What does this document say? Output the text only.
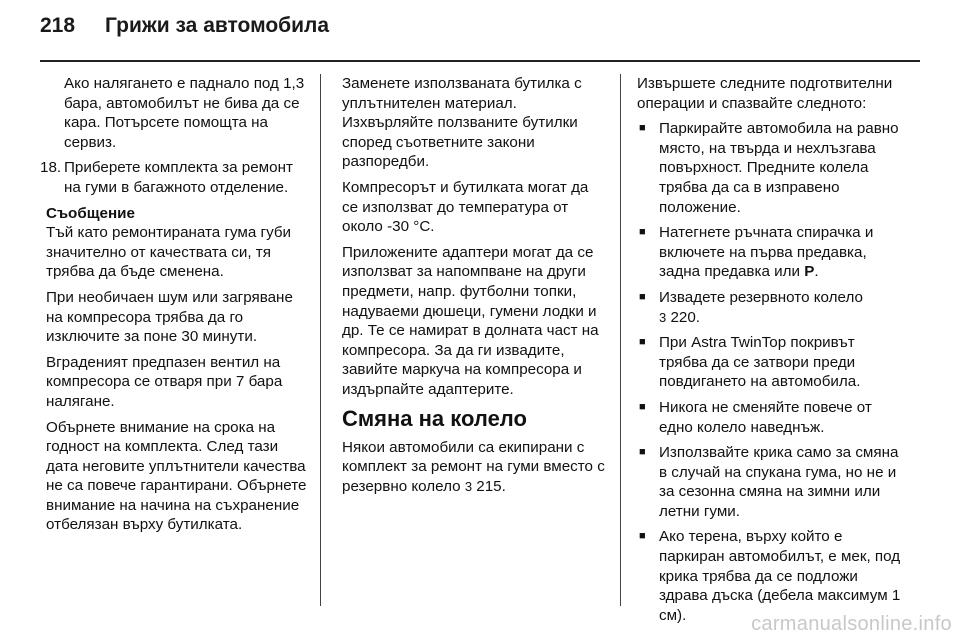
218 Грижи за автомобила

Ако налягането е паднало под 1,3 бара, автомобилът не бива да се кара. Потърсете помощта на сервиз.

18. Приберете комплекта за ремонт на гуми в багажното отделение.

Съобщение

Тъй като ремонтираната гума губи значително от качествата си, тя трябва да бъде сменена.

При необичаен шум или загряване на компресора трябва да го изключите за поне 30 минути.

Вграденият предпазен вентил на компресора се отваря при 7 бара налягане.

Обърнете внимание на срока на годност на комплекта. След тази дата неговите уплътнители качества не са повече гарантирани. Обърнете внимание на начина на съхранение отбелязан върху бутилката.

Заменете използваната бутилка с уплътнителен материал. Изхвърляйте ползваните бутилки според съответните закони разпоредби.

Компресорът и бутилката могат да се използват до температура от около -30 °C.

Приложените адаптери могат да се използват за напомпване на други предмети, напр. футболни топки, надуваеми дюшеци, гумени лодки и др. Те се намират в долната част на компресора. За да ги извадите, завийте маркуча на компресора и издърпайте адаптерите.

Смяна на колело

Някои автомобили са екипирани с комплект за ремонт на гуми вместо с резервно колело 3 215.

Извършете следните подготвителни операции и спазвайте следното:

■ Паркирайте автомобила на равно място, на твърда и нехлъзгава повърхност. Предните колела трябва да са в изправено положение.
■ Натегнете ръчната спирачка и включете на първа предавка, задна предавка или P.
■ Извадете резервното колело
3 220.
■ При Astra TwinTop покривът трябва да се затвори преди повдигането на автомобила.
■ Никога не сменяйте повече от едно колело наведнъж.
■ Използвайте крика само за смяна в случай на спукана гума, но не и за сезонна смяна на зимни или летни гуми.
■ Ако терена, върху който е паркиран автомобилът, е мек, под крика трябва да се подложи здрава дъска (дебела максимум 1 см).	carmanualsonline.info
